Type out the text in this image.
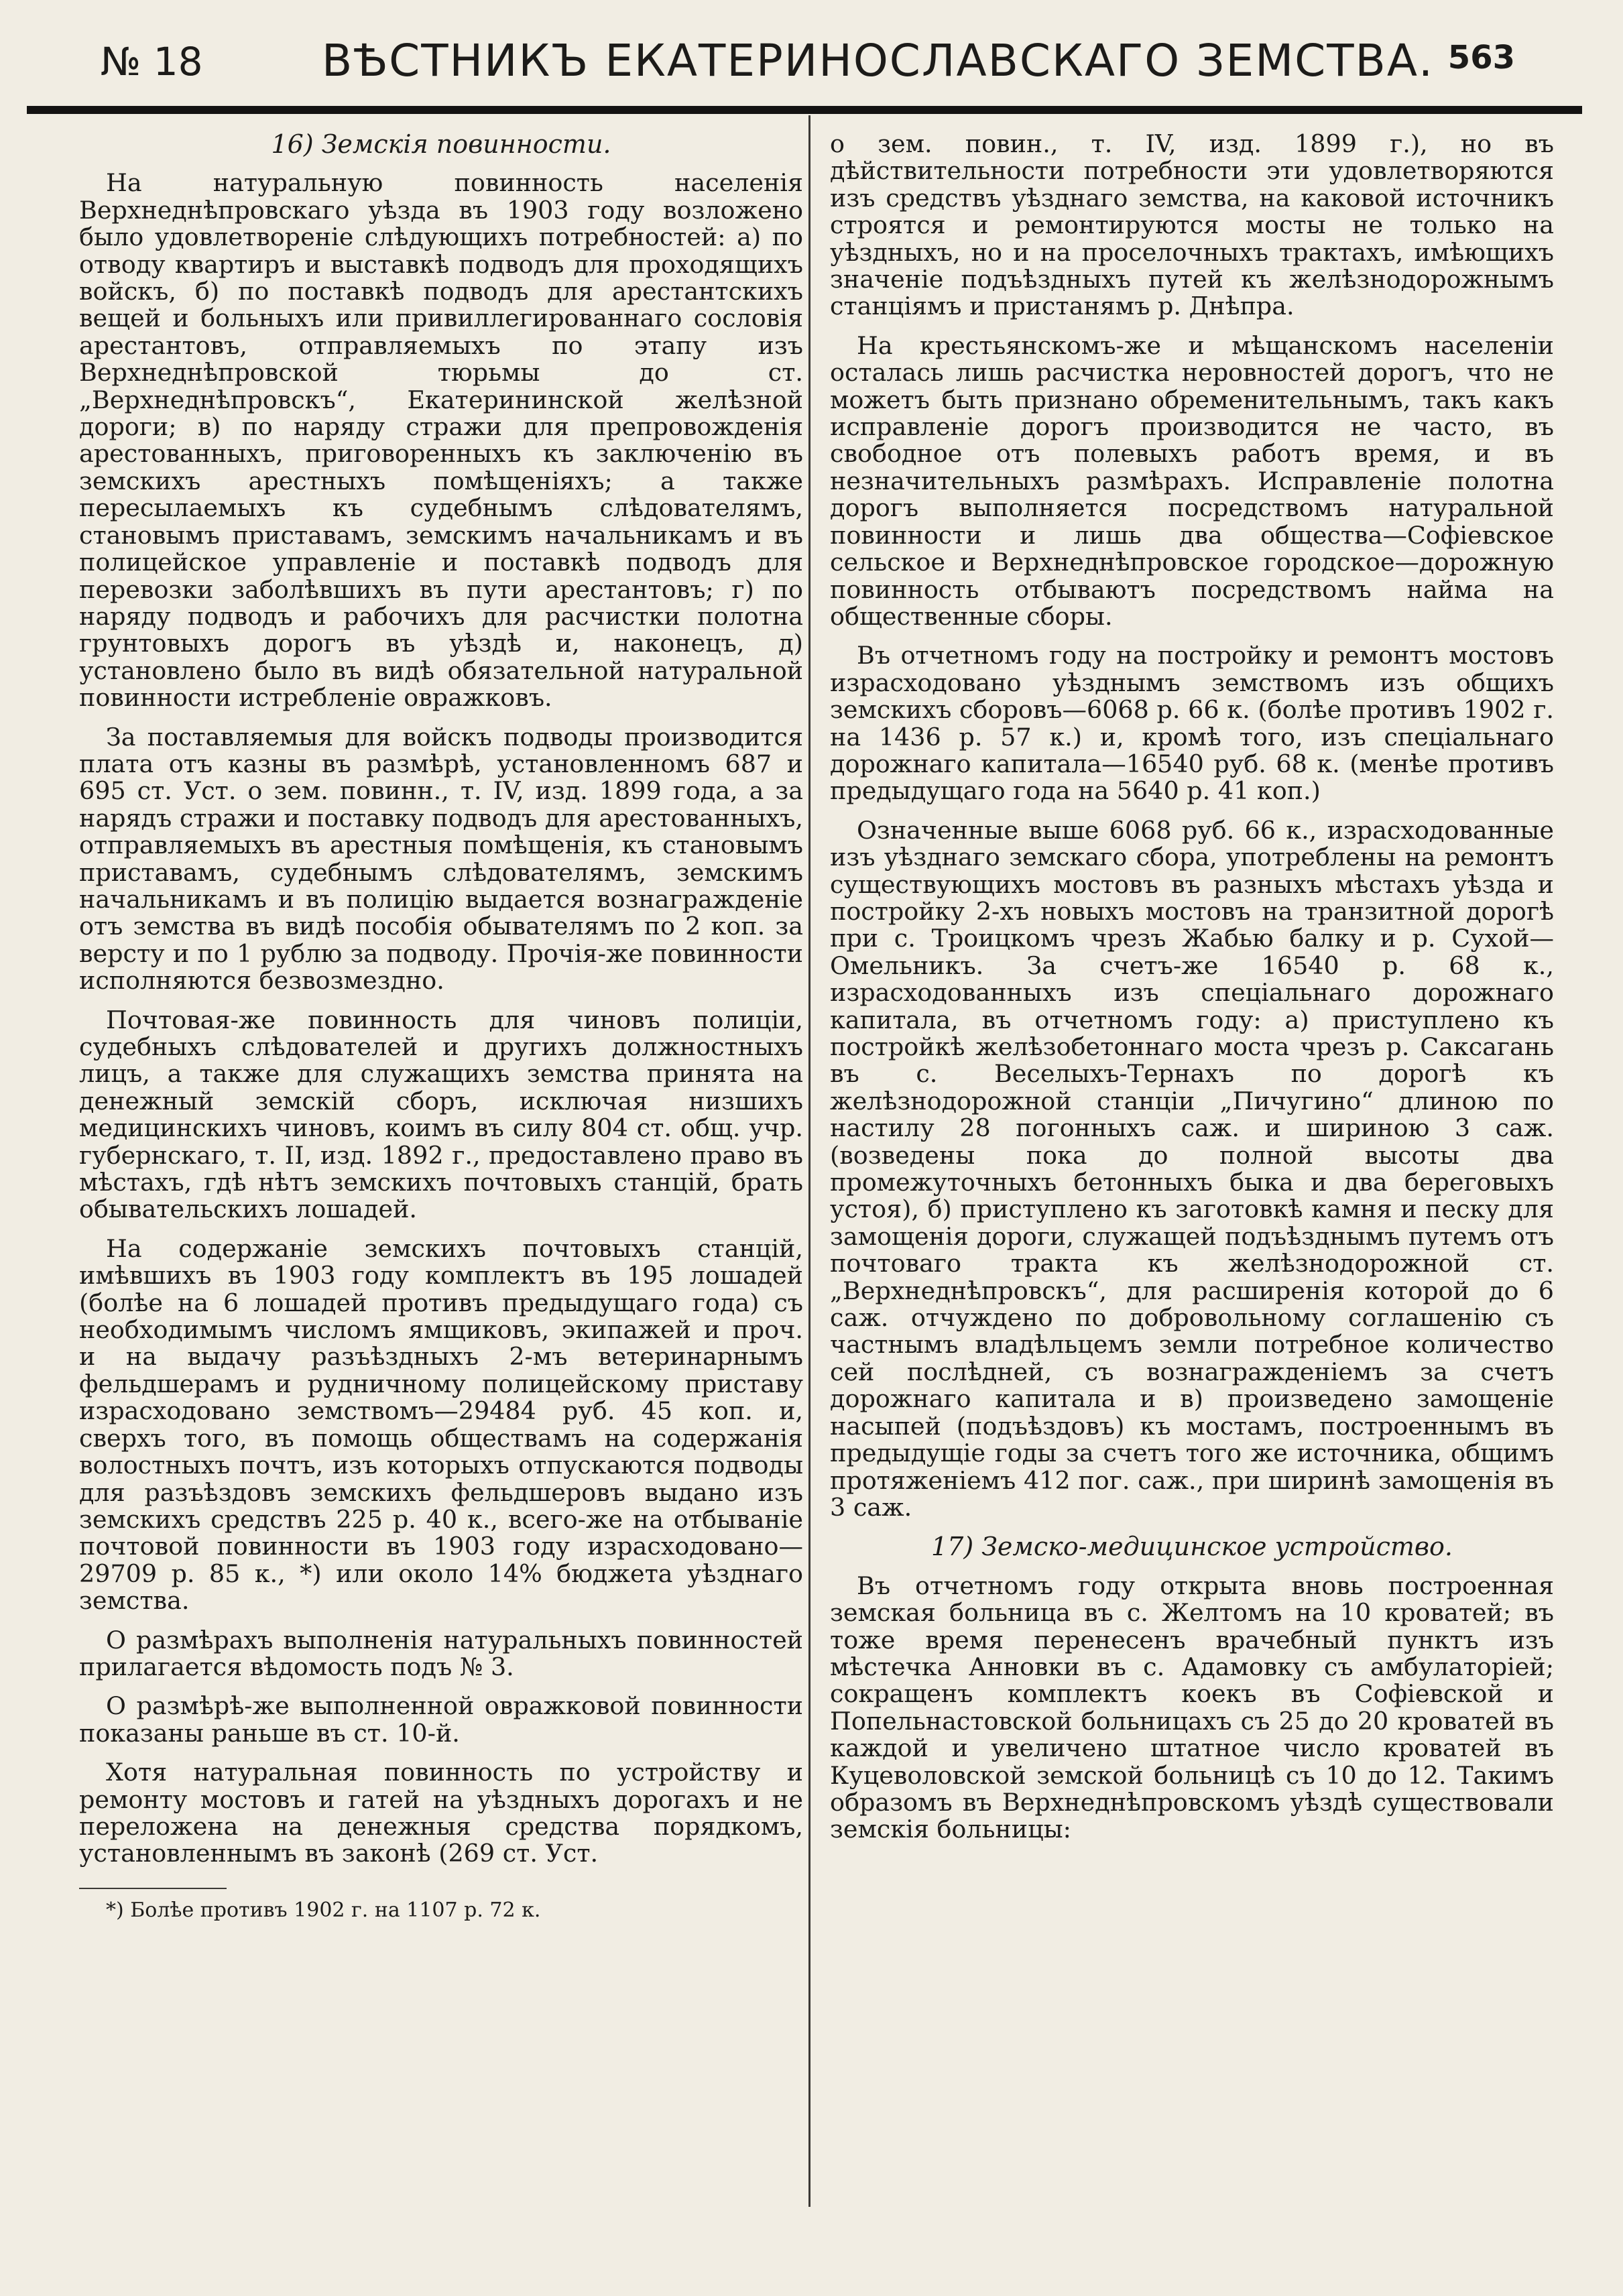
№ 18	ВѢСТНИКЪ ЕКАТЕРИНОСЛАВСКАГО ЗЕМСТВА. 563

16) Земскія повинности.

На натуральную повинность населенія Верхнеднѣпровскаго уѣзда въ 1903 году возложено было удовлетвореніе слѣдующихъ потребностей: а) по отводу квартиръ и выставкѣ подводъ для проходящихъ войскъ, б) по поставкѣ подводъ для арестантскихъ вещей и больныхъ или привиллегированнаго сословія арестантовъ, отправляемыхъ по этапу изъ Верхнеднѣпровской тюрьмы до ст. „Верхнеднѣпровскъ“, Екатерининской желѣзной дороги; в) по наряду стражи для препровожденія арестованныхъ, приговоренныхъ къ заключенію въ земскихъ арестныхъ помѣщеніяхъ; а также пересылаемыхъ къ судебнымъ слѣдователямъ, становымъ приставамъ, земскимъ начальникамъ и въ полицейское управленіе и поставкѣ подводъ для перевозки заболѣвшихъ въ пути арестантовъ; г) по наряду подводъ и рабочихъ для расчистки полотна грунтовыхъ дорогъ въ уѣздѣ и, наконецъ, д) установлено было въ видѣ обязательной натуральной повинности истребленіе овражковъ.

За поставляемыя для войскъ подводы производится плата отъ казны въ размѣрѣ, установленномъ 687 и 695 ст. Уст. о зем. повинн., т. IV, изд. 1899 года, а за нарядъ стражи и поставку подводъ для арестованныхъ, отправляемыхъ въ арестныя помѣщенія, къ становымъ приставамъ, судебнымъ слѣдователямъ, земскимъ начальникамъ и въ полицію выдается вознагражденіе отъ земства въ видѣ пособія обывателямъ по 2 коп. за версту и по 1 рублю за подводу. Прочія-же повинности исполняются безвозмездно.

Почтовая-же повинность для чиновъ полиціи, судебныхъ слѣдователей и другихъ должностныхъ лицъ, а также для служащихъ земства принята на денежный земскій сборъ, исключая низшихъ медицинскихъ чиновъ, коимъ въ силу 804 ст. общ. учр. губернскаго, т. II, изд. 1892 г., предоставлено право въ мѣстахъ, гдѣ нѣтъ земскихъ почтовыхъ станцій, брать обывательскихъ лошадей.

На содержаніе земскихъ почтовыхъ станцій, имѣвшихъ въ 1903 году комплектъ въ 195 лошадей (болѣе на 6 лошадей противъ предыдущаго года) съ необходимымъ числомъ ямщиковъ, экипажей и проч. и на выдачу разъѣздныхъ 2-мъ ветеринарнымъ фельдшерамъ и рудничному полицейскому приставу израсходовано земствомъ—29484 руб. 45 коп. и, сверхъ того, въ помощь обществамъ на содержанія волостныхъ почтъ, изъ которыхъ отпускаются подводы для разъѣздовъ земскихъ фельдшеровъ выдано изъ земскихъ средствъ 225 р. 40 к., всего-же на отбываніе почтовой повинности въ 1903 году израсходовано—29709 р. 85 к., *) или около 14% бюджета уѣзднаго земства.

О размѣрахъ выполненія натуральныхъ повинностей прилагается вѣдомость подъ № 3.

О размѣрѣ-же выполненной овражковой повинности показаны раньше въ ст. 10-й.

Хотя натуральная повинность по устройству и ремонту мостовъ и гатей на уѣздныхъ дорогахъ и не переложена на денежныя средства порядкомъ, установленнымъ въ законѣ (269 ст. Уст.

*) Болѣе противъ 1902 г. на 1107 р. 72 к.

о зем. повин., т. IV, изд. 1899 г.), но въ дѣйствительности потребности эти удовлетворяются изъ средствъ уѣзднаго земства, на каковой источникъ строятся и ремонтируются мосты не только на уѣздныхъ, но и на проселочныхъ трактахъ, имѣющихъ значеніе подъѣздныхъ путей къ желѣзнодорожнымъ станціямъ и пристанямъ р. Днѣпра.

На крестьянскомъ-же и мѣщанскомъ населеніи осталась лишь расчистка неровностей дорогъ, что не можетъ быть признано обременительнымъ, такъ какъ исправленіе дорогъ производится не часто, въ свободное отъ полевыхъ работъ время, и въ незначительныхъ размѣрахъ. Исправленіе полотна дорогъ выполняется посредствомъ натуральной повинности и лишь два общества—Софіевское сельское и Верхнеднѣпровское городское—дорожную повинность отбываютъ посредствомъ найма на общественные сборы.

Въ отчетномъ году на постройку и ремонтъ мостовъ израсходовано уѣзднымъ земствомъ изъ общихъ земскихъ сборовъ—6068 р. 66 к. (болѣе противъ 1902 г. на 1436 р. 57 к.) и, кромѣ того, изъ спеціальнаго дорожнаго капитала—16540 руб. 68 к. (менѣе противъ предыдущаго года на 5640 р. 41 коп.)

Означенные выше 6068 руб. 66 к., израсходованные изъ уѣзднаго земскаго сбора, употреблены на ремонтъ существующихъ мостовъ въ разныхъ мѣстахъ уѣзда и постройку 2-хъ новыхъ мостовъ на транзитной дорогѣ при с. Троицкомъ чрезъ Жабью балку и р. Сухой—Омельникъ. За счетъ-же 16540 р. 68 к., израсходованныхъ изъ спеціальнаго дорожнаго капитала, въ отчетномъ году: а) приступлено къ постройкѣ желѣзобетоннаго моста чрезъ р. Саксагань въ с. Веселыхъ-Тернахъ по дорогѣ къ желѣзнодорожной станціи „Пичугино“ длиною по настилу 28 погонныхъ саж. и шириною 3 саж. (возведены пока до полной высоты два промежуточныхъ бетонныхъ быка и два береговыхъ устоя), б) приступлено къ заготовкѣ камня и песку для замощенія дороги, служащей подъѣзднымъ путемъ отъ почтоваго тракта къ желѣзнодорожной ст. „Верхнеднѣпровскъ“, для расширенія которой до 6 саж. отчуждено по добровольному соглашенію съ частнымъ владѣльцемъ земли потребное количество сей послѣдней, съ вознагражденіемъ за счетъ дорожнаго капитала и в) произведено замощеніе насыпей (подъѣздовъ) къ мостамъ, построеннымъ въ предыдущіе годы за счетъ того же источника, общимъ протяженіемъ 412 пог. саж., при ширинѣ замощенія въ 3 саж.

17) Земско-медицинское устройство.

Въ отчетномъ году открыта вновь построенная земская больница въ с. Желтомъ на 10 кроватей; въ тоже время перенесенъ врачебный пунктъ изъ мѣстечка Анновки въ с. Адамовку съ амбулаторіей; сокращенъ комплектъ коекъ въ Софіевской и Попельнастовской больницахъ съ 25 до 20 кроватей въ каждой и увеличено штатное число кроватей въ Куцеволовской земской больницѣ съ 10 до 12. Такимъ образомъ въ Верхнеднѣпровскомъ уѣздѣ существовали земскія больницы:
